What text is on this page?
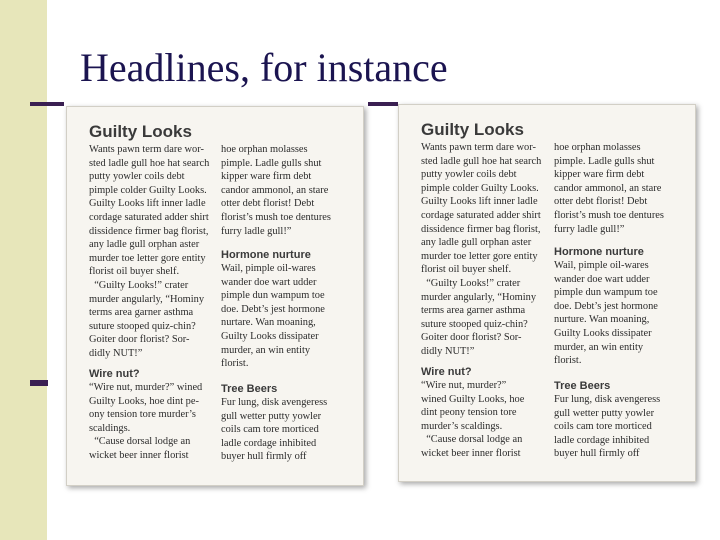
Headlines, for instance
Guilty Looks
Wants pawn term dare wor-
sted ladle gull hoe hat search
putty yowler coils debt
pimple colder Guilty Looks.
Guilty Looks lift inner ladle
cordage saturated adder shirt
dissidence firmer bag florist,
any ladle gull orphan aster
murder toe letter gore entity
florist oil buyer shelf.
“Guilty Looks!” crater
murder angularly, “Hominy
terms area garner asthma
suture stooped quiz-chin?
Goiter door florist? Sor-
didly NUT!”
Wire nut?
“Wire nut, murder?” wined
Guilty Looks, hoe dint pe-
ony tension tore murder’s
scaldings.
“Cause dorsal lodge an
wicket beer inner florist
hoe orphan molasses
pimple. Ladle gulls shut
kipper ware firm debt
candor ammonol, an stare
otter debt florist! Debt
florist’s mush toe dentures
furry ladle gull!”
Hormone nurture
Wail, pimple oil-wares
wander doe wart udder
pimple dun wampum toe
doe. Debt’s jest hormone
nurtare. Wan moaning,
Guilty Looks dissipater
murder, an win entity
florist.
Tree Beers
Fur lung, disk avengeress
gull wetter putty yowler
coils cam tore morticed
ladle cordage inhibited
buyer hull firmly off
Guilty Looks
Wants pawn term dare wor-
sted ladle gull hoe hat search
putty yowler coils debt
pimple colder Guilty Looks.
Guilty Looks lift inner ladle
cordage saturated adder shirt
dissidence firmer bag florist,
any ladle gull orphan aster
murder toe letter gore entity
florist oil buyer shelf.
“Guilty Looks!” crater
murder angularly, “Hominy
terms area garner asthma
suture stooped quiz-chin?
Goiter door florist? Sor-
didly NUT!”
Wire nut?
“Wire nut, murder?”
wined Guilty Looks, hoe
dint peony tension tore
murder’s scaldings.
“Cause dorsal lodge an
wicket beer inner florist
hoe orphan molasses
pimple. Ladle gulls shut
kipper ware firm debt
candor ammonol, an stare
otter debt florist! Debt
florist’s mush toe dentures
furry ladle gull!”
Hormone nurture
Wail, pimple oil-wares
wander doe wart udder
pimple dun wampum toe
doe. Debt’s jest hormone
nurture. Wan moaning,
Guilty Looks dissipater
murder, an win entity
florist.
Tree Beers
Fur lung, disk avengeress
gull wetter putty yowler
coils cam tore morticed
ladle cordage inhibited
buyer hull firmly off
